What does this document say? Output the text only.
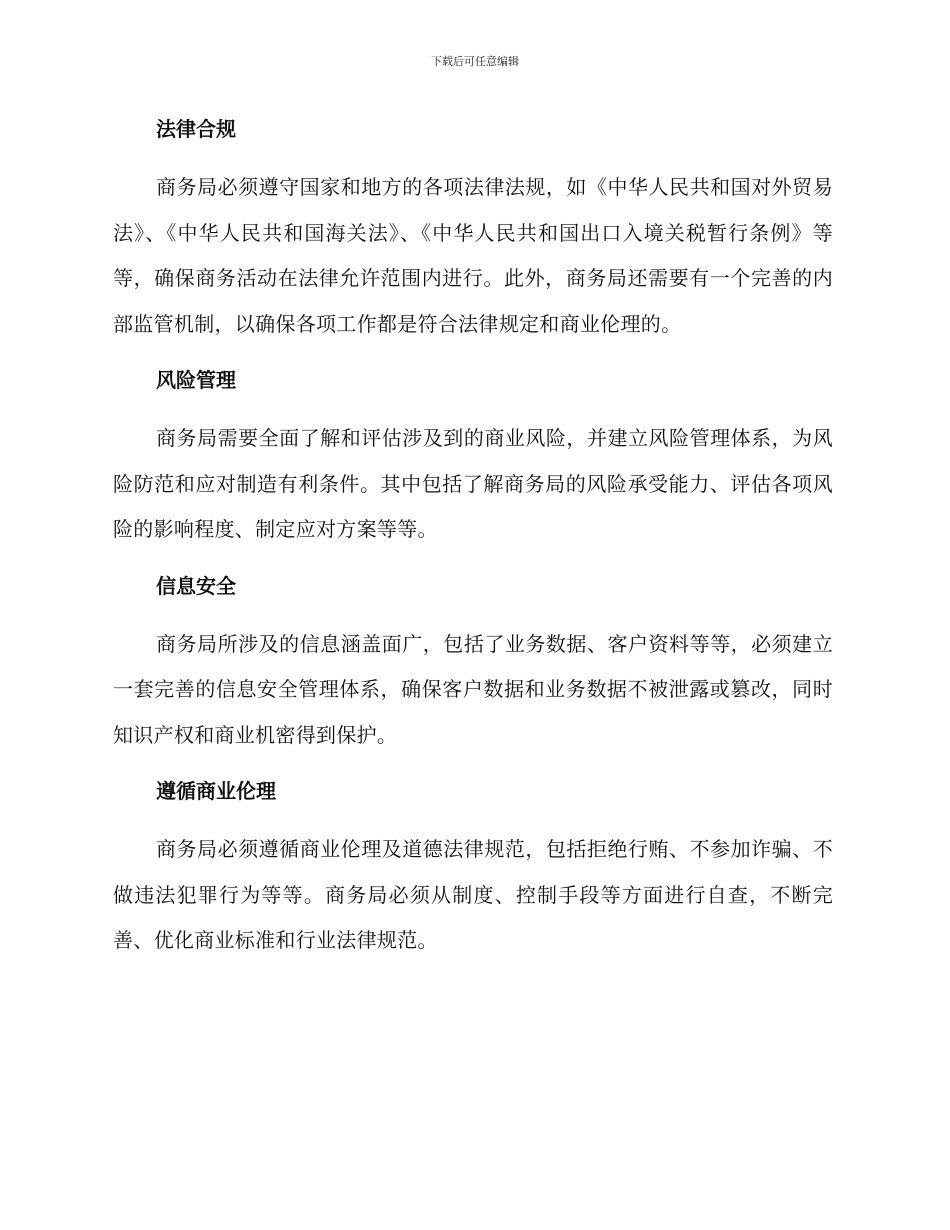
下载后可任意编辑
法律合规

商务局必须遵守国家和地方的各项法律法规，如《中华人民共和国对外贸易法》、《中华人民共和国海关法》、《中华人民共和国出口入境关税暂行条例》等等，确保商务活动在法律允许范围内进行。此外，商务局还需要有一个完善的内部监管机制，以确保各项工作都是符合法律规定和商业伦理的。

风险管理

商务局需要全面了解和评估涉及到的商业风险，并建立风险管理体系，为风险防范和应对制造有利条件。其中包括了解商务局的风险承受能力、评估各项风险的影响程度、制定应对方案等等。

信息安全

商务局所涉及的信息涵盖面广，包括了业务数据、客户资料等等，必须建立一套完善的信息安全管理体系，确保客户数据和业务数据不被泄露或篡改，同时知识产权和商业机密得到保护。

遵循商业伦理

商务局必须遵循商业伦理及道德法律规范，包括拒绝行贿、不参加诈骗、不做违法犯罪行为等等。商务局必须从制度、控制手段等方面进行自查，不断完善、优化商业标准和行业法律规范。
